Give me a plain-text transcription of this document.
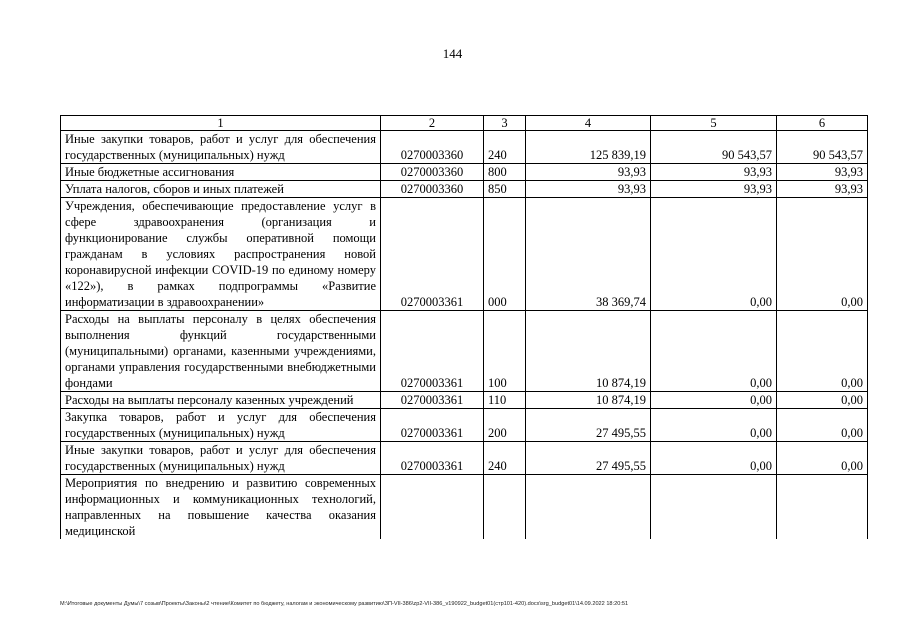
144
1	2	3	4	5	6
Иные закупки товаров, работ и услуг для обеспечения государственных (муниципальных) нужд	0270003360	240	125 839,19	90 543,57	90 543,57
Иные бюджетные ассигнования	0270003360	800	93,93	93,93	93,93
Уплата налогов, сборов и иных платежей	0270003360	850	93,93	93,93	93,93
Учреждения, обеспечивающие предоставление услуг в сфере здравоохранения (организация и функционирование службы оперативной помощи гражданам в условиях распространения новой коронавирусной инфекции COVID-19 по единому номеру «122»), в рамках подпрограммы «Развитие информатизации в здравоохранении»	0270003361	000	38 369,74	0,00	0,00
Расходы на выплаты персоналу в целях обеспечения выполнения функций государственными (муниципальными) органами, казенными учреждениями, органами управления государственными внебюджетными фондами	0270003361	100	10 874,19	0,00	0,00
Расходы на выплаты персоналу казенных учреждений	0270003361	110	10 874,19	0,00	0,00
Закупка товаров, работ и услуг для обеспечения государственных (муниципальных) нужд	0270003361	200	27 495,55	0,00	0,00
Иные закупки товаров, работ и услуг для обеспечения государственных (муниципальных) нужд	0270003361	240	27 495,55	0,00	0,00
Мероприятия по внедрению и развитию современных информационных и коммуникационных технологий, направленных на повышение качества оказания медицинской					
M:\Итоговые документы Думы\7 созыв\Проекты\Законы\2 чтение\Комитет по бюджету, налогам и экономическому развитию\ЗП-VII-386\zp2-VII-386_v190922_budget01(стр101-420).docx\srg_budget01\14.09.2022 18:20:51
